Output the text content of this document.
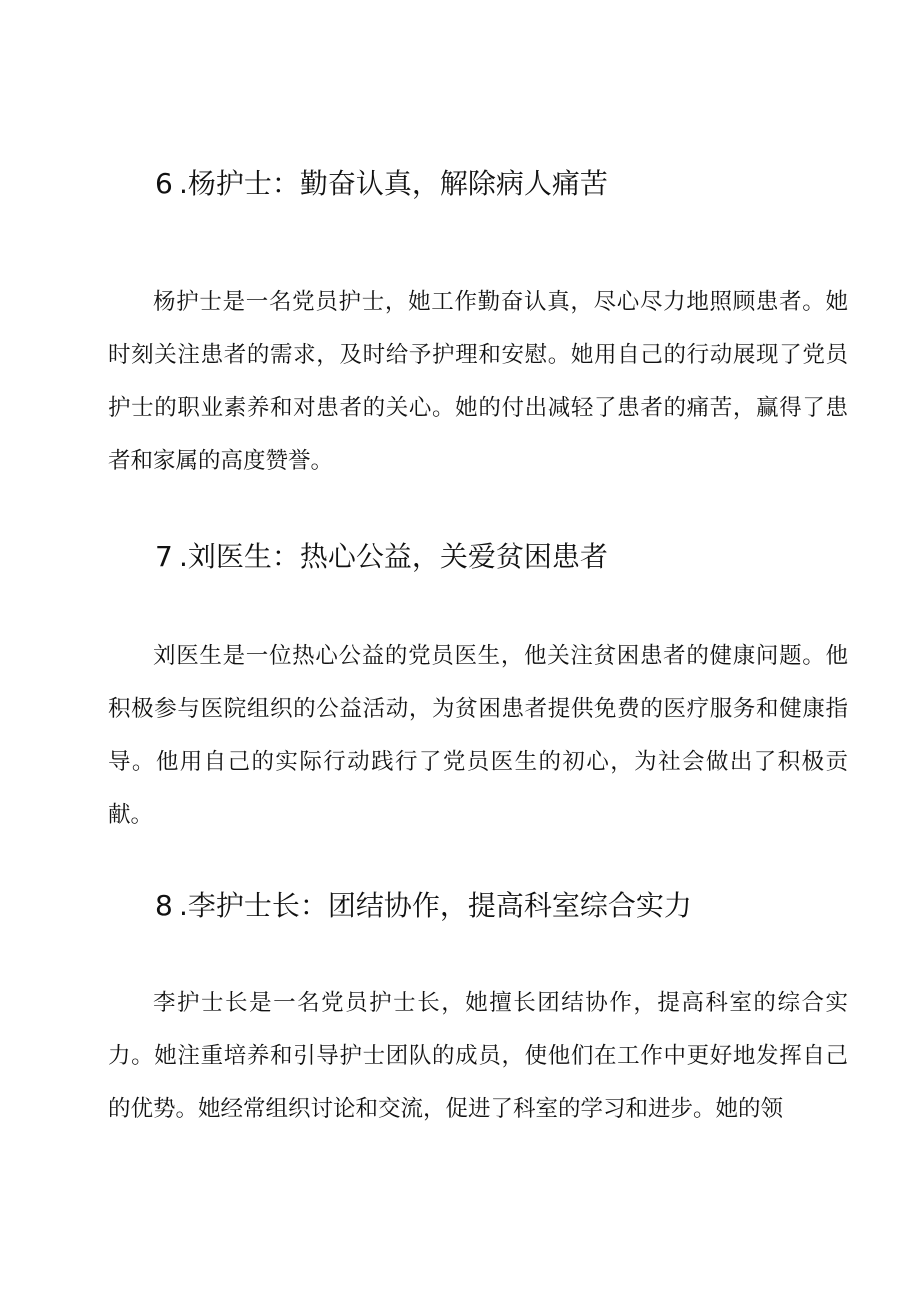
6 .杨护士：勤奋认真，解除病人痛苦

杨护士是一名党员护士，她工作勤奋认真，尽心尽力地照顾患者。她时刻关注患者的需求，及时给予护理和安慰。她用自己的行动展现了党员护士的职业素养和对患者的关心。她的付出减轻了患者的痛苦，赢得了患者和家属的高度赞誉。

7 .刘医生：热心公益，关爱贫困患者

刘医生是一位热心公益的党员医生，他关注贫困患者的健康问题。他积极参与医院组织的公益活动，为贫困患者提供免费的医疗服务和健康指导。他用自己的实际行动践行了党员医生的初心，为社会做出了积极贡献。

8 .李护士长：团结协作，提高科室综合实力

李护士长是一名党员护士长，她擅长团结协作，提高科室的综合实力。她注重培养和引导护士团队的成员，使他们在工作中更好地发挥自己的优势。她经常组织讨论和交流，促进了科室的学习和进步。她的领
